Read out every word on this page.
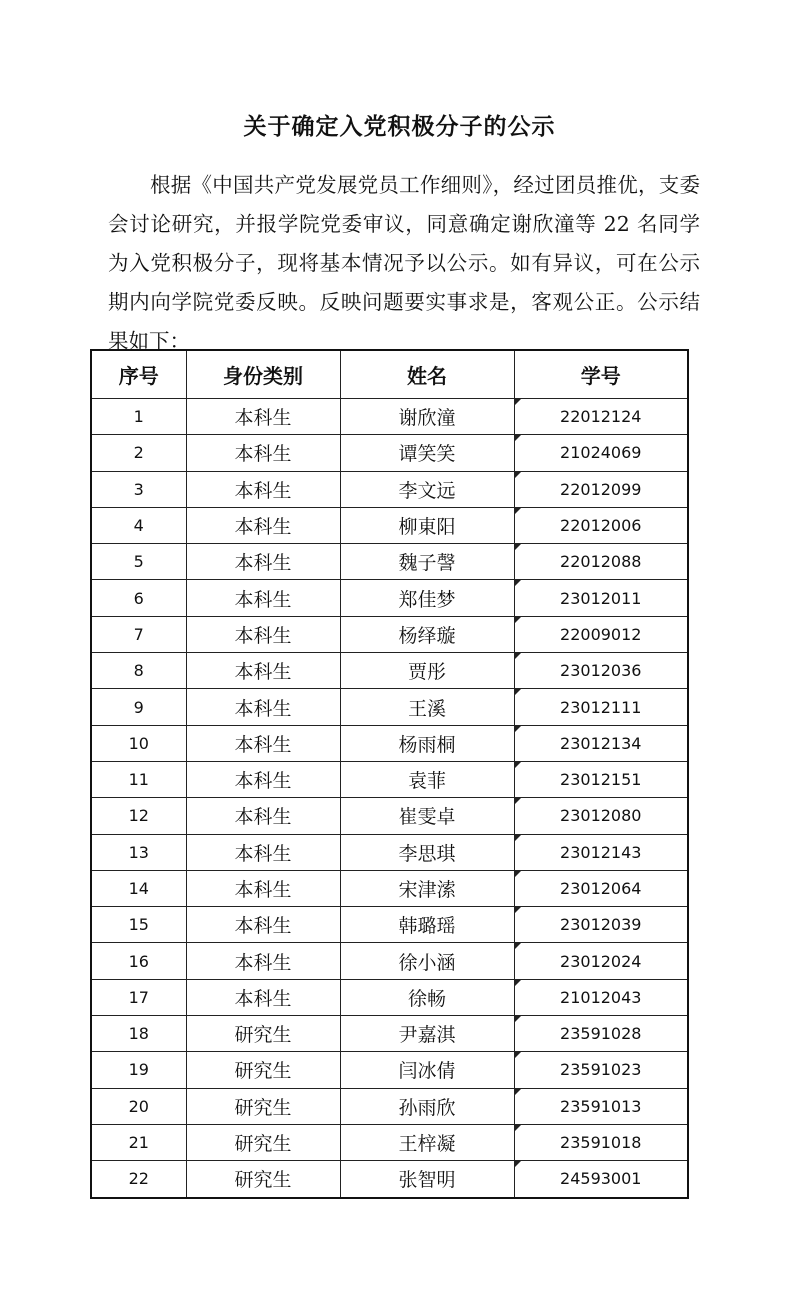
关于确定入党积极分子的公示
根据《中国共产党发展党员工作细则》，经过团员推优，支委会讨论研究，并报学院党委审议，同意确定谢欣潼等 22 名同学为入党积极分子，现将基本情况予以公示。如有异议，可在公示期内向学院党委反映。反映问题要实事求是，客观公正。公示结果如下：
序号	身份类别	姓名	学号
1	本科生	谢欣潼	22012124
2	本科生	谭笑笑	21024069
3	本科生	李文远	22012099
4	本科生	柳東阳	22012006
5	本科生	魏子謦	22012088
6	本科生	郑佳梦	23012011
7	本科生	杨绎璇	22009012
8	本科生	贾彤	23012036
9	本科生	王溪	23012111
10	本科生	杨雨桐	23012134
11	本科生	袁菲	23012151
12	本科生	崔雯卓	23012080
13	本科生	李思琪	23012143
14	本科生	宋津溹	23012064
15	本科生	韩璐瑶	23012039
16	本科生	徐小涵	23012024
17	本科生	徐畅	21012043
18	研究生	尹嘉淇	23591028
19	研究生	闫冰倩	23591023
20	研究生	孙雨欣	23591013
21	研究生	王梓凝	23591018
22	研究生	张智明	24593001
